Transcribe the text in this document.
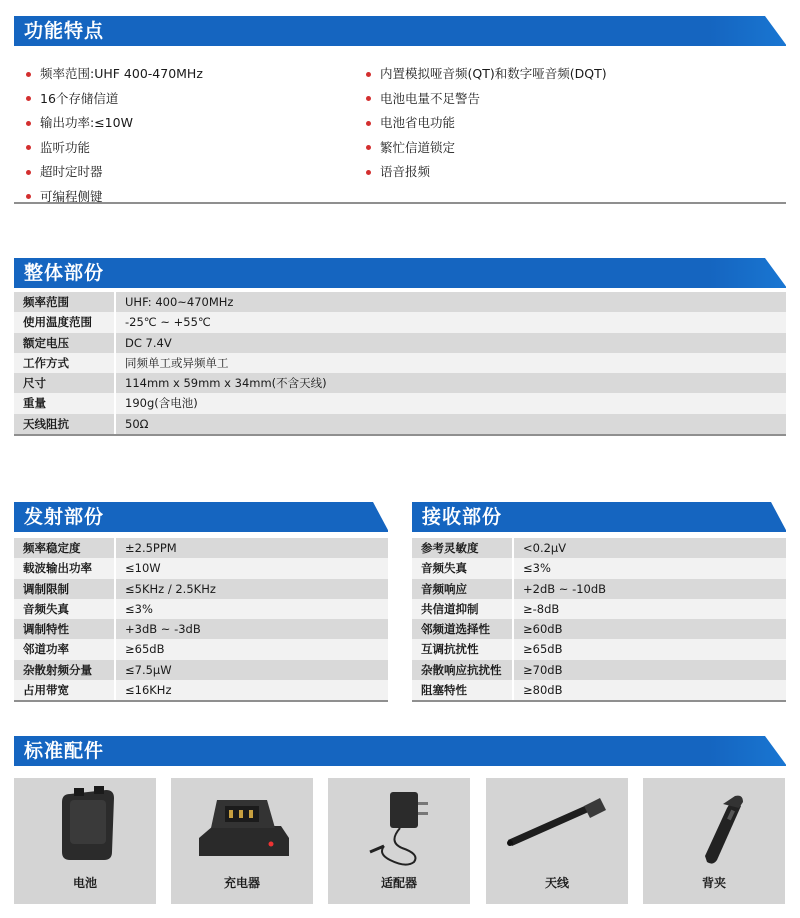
功能特点
频率范围:UHF 400-470MHz
16个存储信道
输出功率:≤10W
监听功能
超时定时器
可编程侧键
内置模拟哑音频(QT)和数字哑音频(DQT)
电池电量不足警告
电池省电功能
繁忙信道锁定
语音报频
整体部份
频率范围	UHF: 400~470MHz
使用温度范围	-25℃ ~ +55℃
额定电压	DC 7.4V
工作方式	同频单工或异频单工
尺寸	114mm x 59mm x 34mm(不含天线)
重量	190g(含电池)
天线阻抗	50Ω
发射部份
频率稳定度	±2.5PPM
载波输出功率	≤10W
调制限制	≤5KHz / 2.5KHz
音频失真	≤3%
调制特性	+3dB ~ -3dB
邻道功率	≥65dB
杂散射频分量	≤7.5μW
占用带宽	≤16KHz
接收部份
参考灵敏度	<0.2μV
音频失真	≤3%
音频响应	+2dB ~ -10dB
共信道抑制	≥-8dB
邻频道选择性	≥60dB
互调抗扰性	≥65dB
杂散响应抗扰性	≥70dB
阻塞特性	≥80dB
标准配件
电池	充电器	适配器	天线	背夹
